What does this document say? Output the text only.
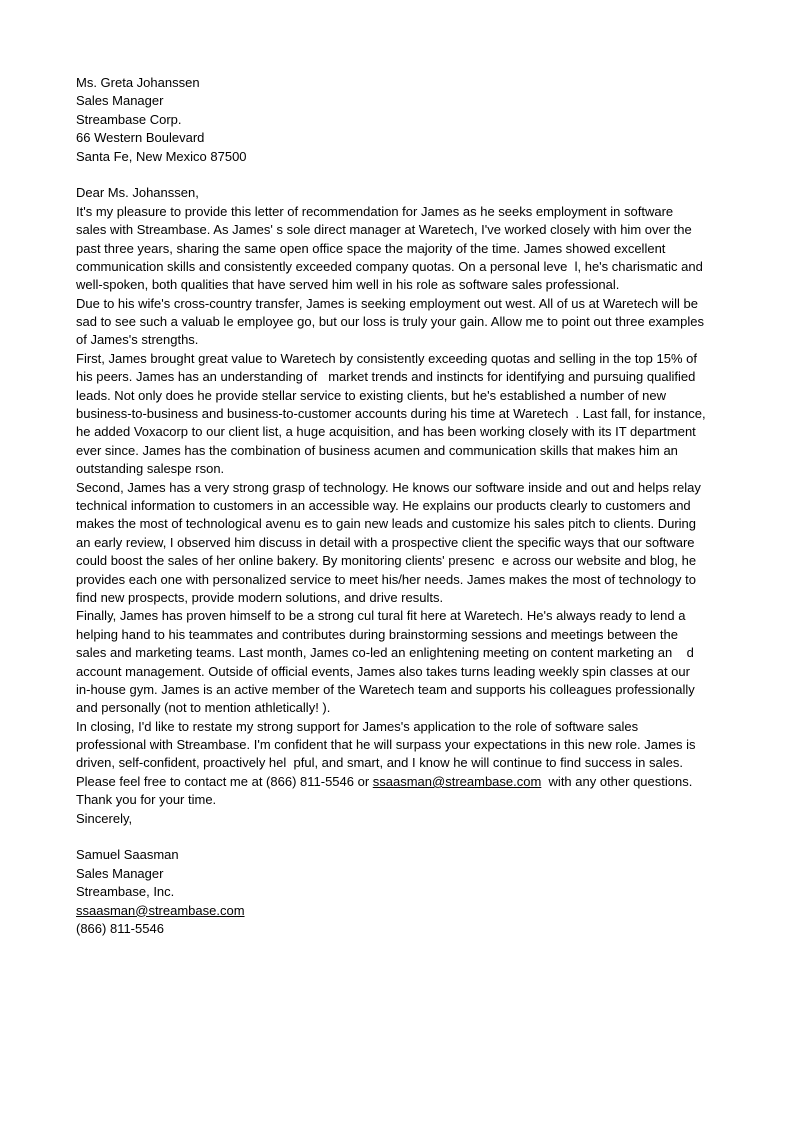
Ms. Greta Johanssen
Sales Manager
Streambase Corp.
66 Western Boulevard
Santa Fe, New Mexico 87500
Dear Ms. Johanssen,
It's my pleasure to provide this letter of recommendation for James as he seeks employment in software
sales with Streambase. As James' s sole direct manager at Waretech, I've worked closely with him over the
past three years, sharing the same open office space the majority of the time. James showed excellent
communication skills and consistently exceeded company quotas. On a personal leve  l, he's charismatic and
well-spoken, both qualities that have served him well in his role as software sales professional.
Due to his wife's cross-country transfer, James is seeking employment out west. All of us at Waretech will be
sad to see such a valuab le employee go, but our loss is truly your gain. Allow me to point out three examples
of James's strengths.
First, James brought great value to Waretech by consistently exceeding quotas and selling in the top 15% of
his peers. James has an understanding of   market trends and instincts for identifying and pursuing qualified
leads. Not only does he provide stellar service to existing clients, but he's established a number of new
business-to-business and business-to-customer accounts during his time at Waretech  . Last fall, for instance,
he added Voxacorp to our client list, a huge acquisition, and has been working closely with its IT department
ever since. James has the combination of business acumen and communication skills that makes him an
outstanding salespe rson.
Second, James has a very strong grasp of technology. He knows our software inside and out and helps relay
technical information to customers in an accessible way. He explains our products clearly to customers and
makes the most of technological avenu es to gain new leads and customize his sales pitch to clients. During
an early review, I observed him discuss in detail with a prospective client the specific ways that our software
could boost the sales of her online bakery. By monitoring clients' presenc  e across our website and blog, he
provides each one with personalized service to meet his/her needs. James makes the most of technology to
find new prospects, provide modern solutions, and drive results.
Finally, James has proven himself to be a strong cul tural fit here at Waretech. He's always ready to lend a
helping hand to his teammates and contributes during brainstorming sessions and meetings between the
sales and marketing teams. Last month, James co-led an enlightening meeting on content marketing an    d
account management. Outside of official events, James also takes turns leading weekly spin classes at our
in-house gym. James is an active member of the Waretech team and supports his colleagues professionally
and personally (not to mention athletically! ).
In closing, I'd like to restate my strong support for James's application to the role of software sales
professional with Streambase. I'm confident that he will surpass your expectations in this new role. James is
driven, self-confident, proactively hel  pful, and smart, and I know he will continue to find success in sales.
Please feel free to contact me at (866) 811-5546 or ssaasman@streambase.com  with any other questions.
Thank you for your time.
Sincerely,
Samuel Saasman
Sales Manager
Streambase, Inc.
ssaasman@streambase.com
(866) 811-5546
